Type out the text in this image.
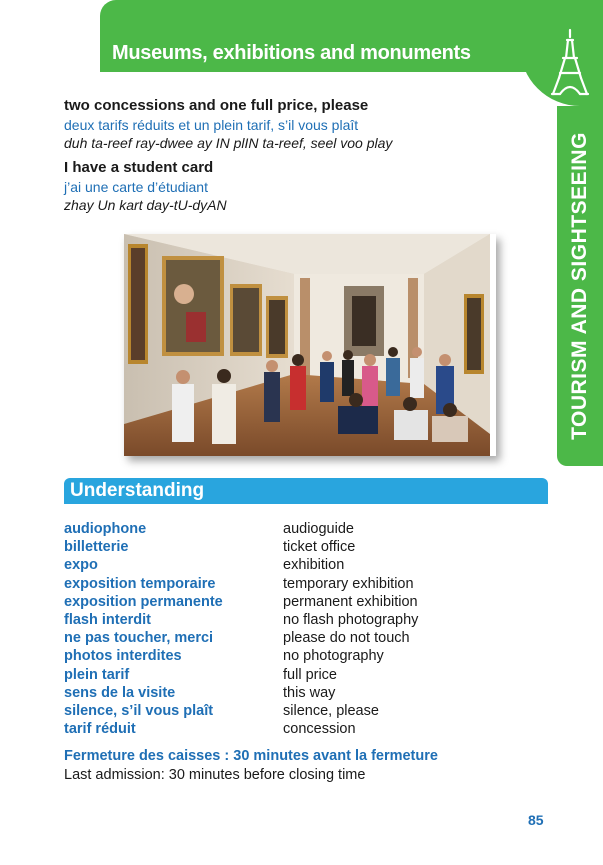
Museums, exhibitions and monuments
TOURISM AND SIGHTSEEING
two concessions and one full price, please
deux tarifs réduits et un plein tarif, s’il vous plaît
duh ta-reef ray-dwee ay IN plIN ta-reef, seel voo play
I have a student card
j’ai une carte d’étudiant
zhay Un kart day-tU-dyAN
Understanding
audiophone	audioguide
billetterie	ticket office
expo	exhibition
exposition temporaire	temporary exhibition
exposition permanente	permanent exhibition
flash interdit	no flash photography
ne pas toucher, merci	please do not touch
photos interdites	no photography
plein tarif	full price
sens de la visite	this way
silence, s’il vous plaît	silence, please
tarif réduit	concession
Fermeture des caisses : 30 minutes avant la fermeture
Last admission: 30 minutes before closing time
85
